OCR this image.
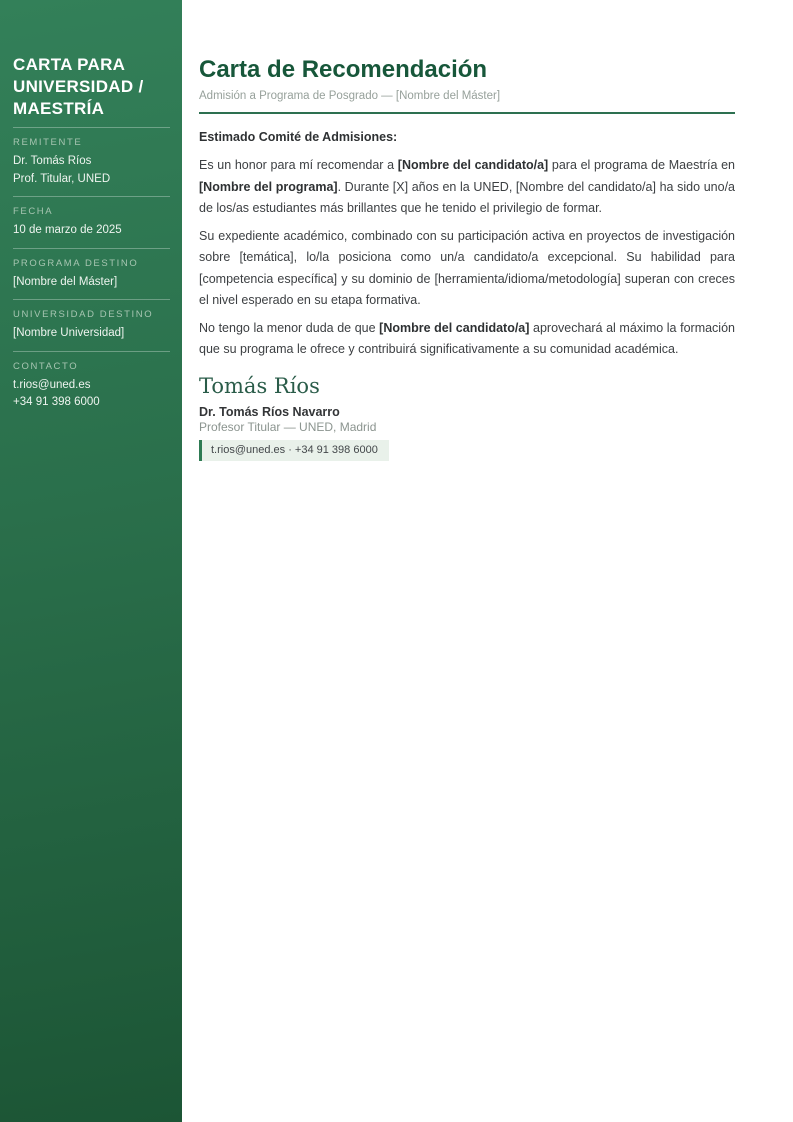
CARTA PARA UNIVERSIDAD / MAESTRÍA
REMITENTE
Dr. Tomás Ríos
Prof. Titular, UNED
FECHA
10 de marzo de 2025
PROGRAMA DESTINO
[Nombre del Máster]
UNIVERSIDAD DESTINO
[Nombre Universidad]
CONTACTO
t.rios@uned.es
+34 91 398 6000
Carta de Recomendación
Admisión a Programa de Posgrado — [Nombre del Máster]
Estimado Comité de Admisiones:

Es un honor para mí recomendar a [Nombre del candidato/a] para el programa de Maestría en [Nombre del programa]. Durante [X] años en la UNED, [Nombre del candidato/a] ha sido uno/a de los/as estudiantes más brillantes que he tenido el privilegio de formar.

Su expediente académico, combinado con su participación activa en proyectos de investigación sobre [temática], lo/la posiciona como un/a candidato/a excepcional. Su habilidad para [competencia específica] y su dominio de [herramienta/idioma/metodología] superan con creces el nivel esperado en su etapa formativa.

No tengo la menor duda de que [Nombre del candidato/a] aprovechará al máximo la formación que su programa le ofrece y contribuirá significativamente a su comunidad académica.

Tomás Ríos
Dr. Tomás Ríos Navarro
Profesor Titular — UNED, Madrid
t.rios@uned.es · +34 91 398 6000
